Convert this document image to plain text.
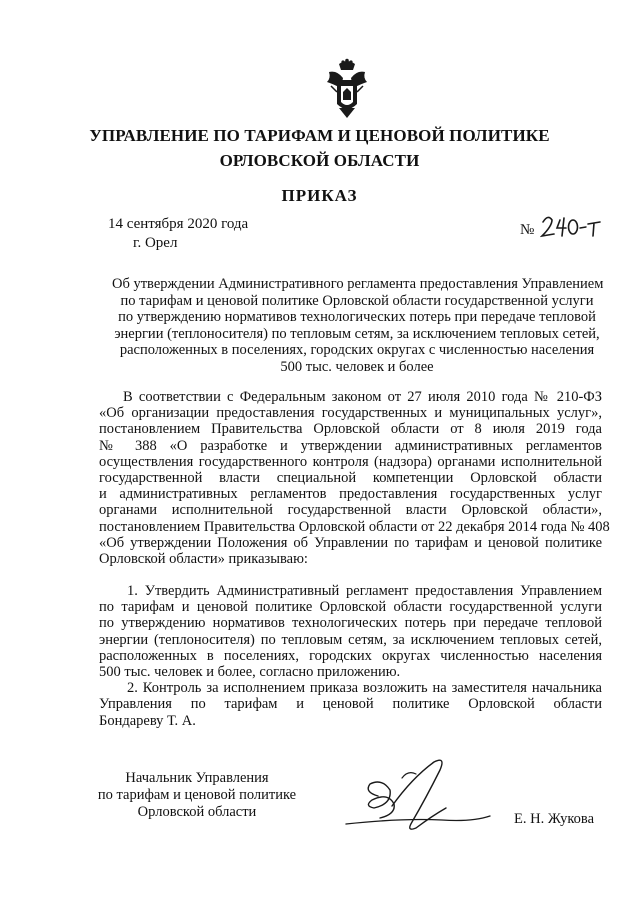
УПРАВЛЕНИЕ ПО ТАРИФАМ И ЦЕНОВОЙ ПОЛИТИКЕ
ОРЛОВСКОЙ ОБЛАСТИ
ПРИКАЗ
14 сентября 2020 года
г. Орел
№
Об утверждении Административного регламента предоставления Управлением
по тарифам и ценовой политике Орловской области государственной услуги
по утверждению нормативов технологических потерь при передаче тепловой
энергии (теплоносителя) по тепловым сетям, за исключением тепловых сетей,
расположенных в поселениях, городских округах с численностью населения
500 тыс. человек и более
В соответствии с Федеральным законом от 27 июля 2010 года № 210-ФЗ
«Об организации предоставления государственных и муниципальных услуг»,
постановлением Правительства Орловской области от 8 июля 2019 года
№ 388 «О разработке и утверждении административных регламентов
осуществления государственного контроля (надзора) органами исполнительной
государственной власти специальной компетенции Орловской области
и административных регламентов предоставления государственных услуг
органами исполнительной государственной власти Орловской области»,
постановлением Правительства Орловской области от 22 декабря 2014 года № 408
«Об утверждении Положения об Управлении по тарифам и ценовой политике
Орловской области» приказываю:
1. Утвердить Административный регламент предоставления Управлением
по тарифам и ценовой политике Орловской области государственной услуги
по утверждению нормативов технологических потерь при передаче тепловой
энергии (теплоносителя) по тепловым сетям, за исключением тепловых сетей,
расположенных в поселениях, городских округах численностью населения
500 тыс. человек и более, согласно приложению.
2. Контроль за исполнением приказа возложить на заместителя начальника
Управления по тарифам и ценовой политике Орловской области
Бондареву Т. А.
Начальник Управления
по тарифам и ценовой политике
Орловской области	Е. Н. Жукова
